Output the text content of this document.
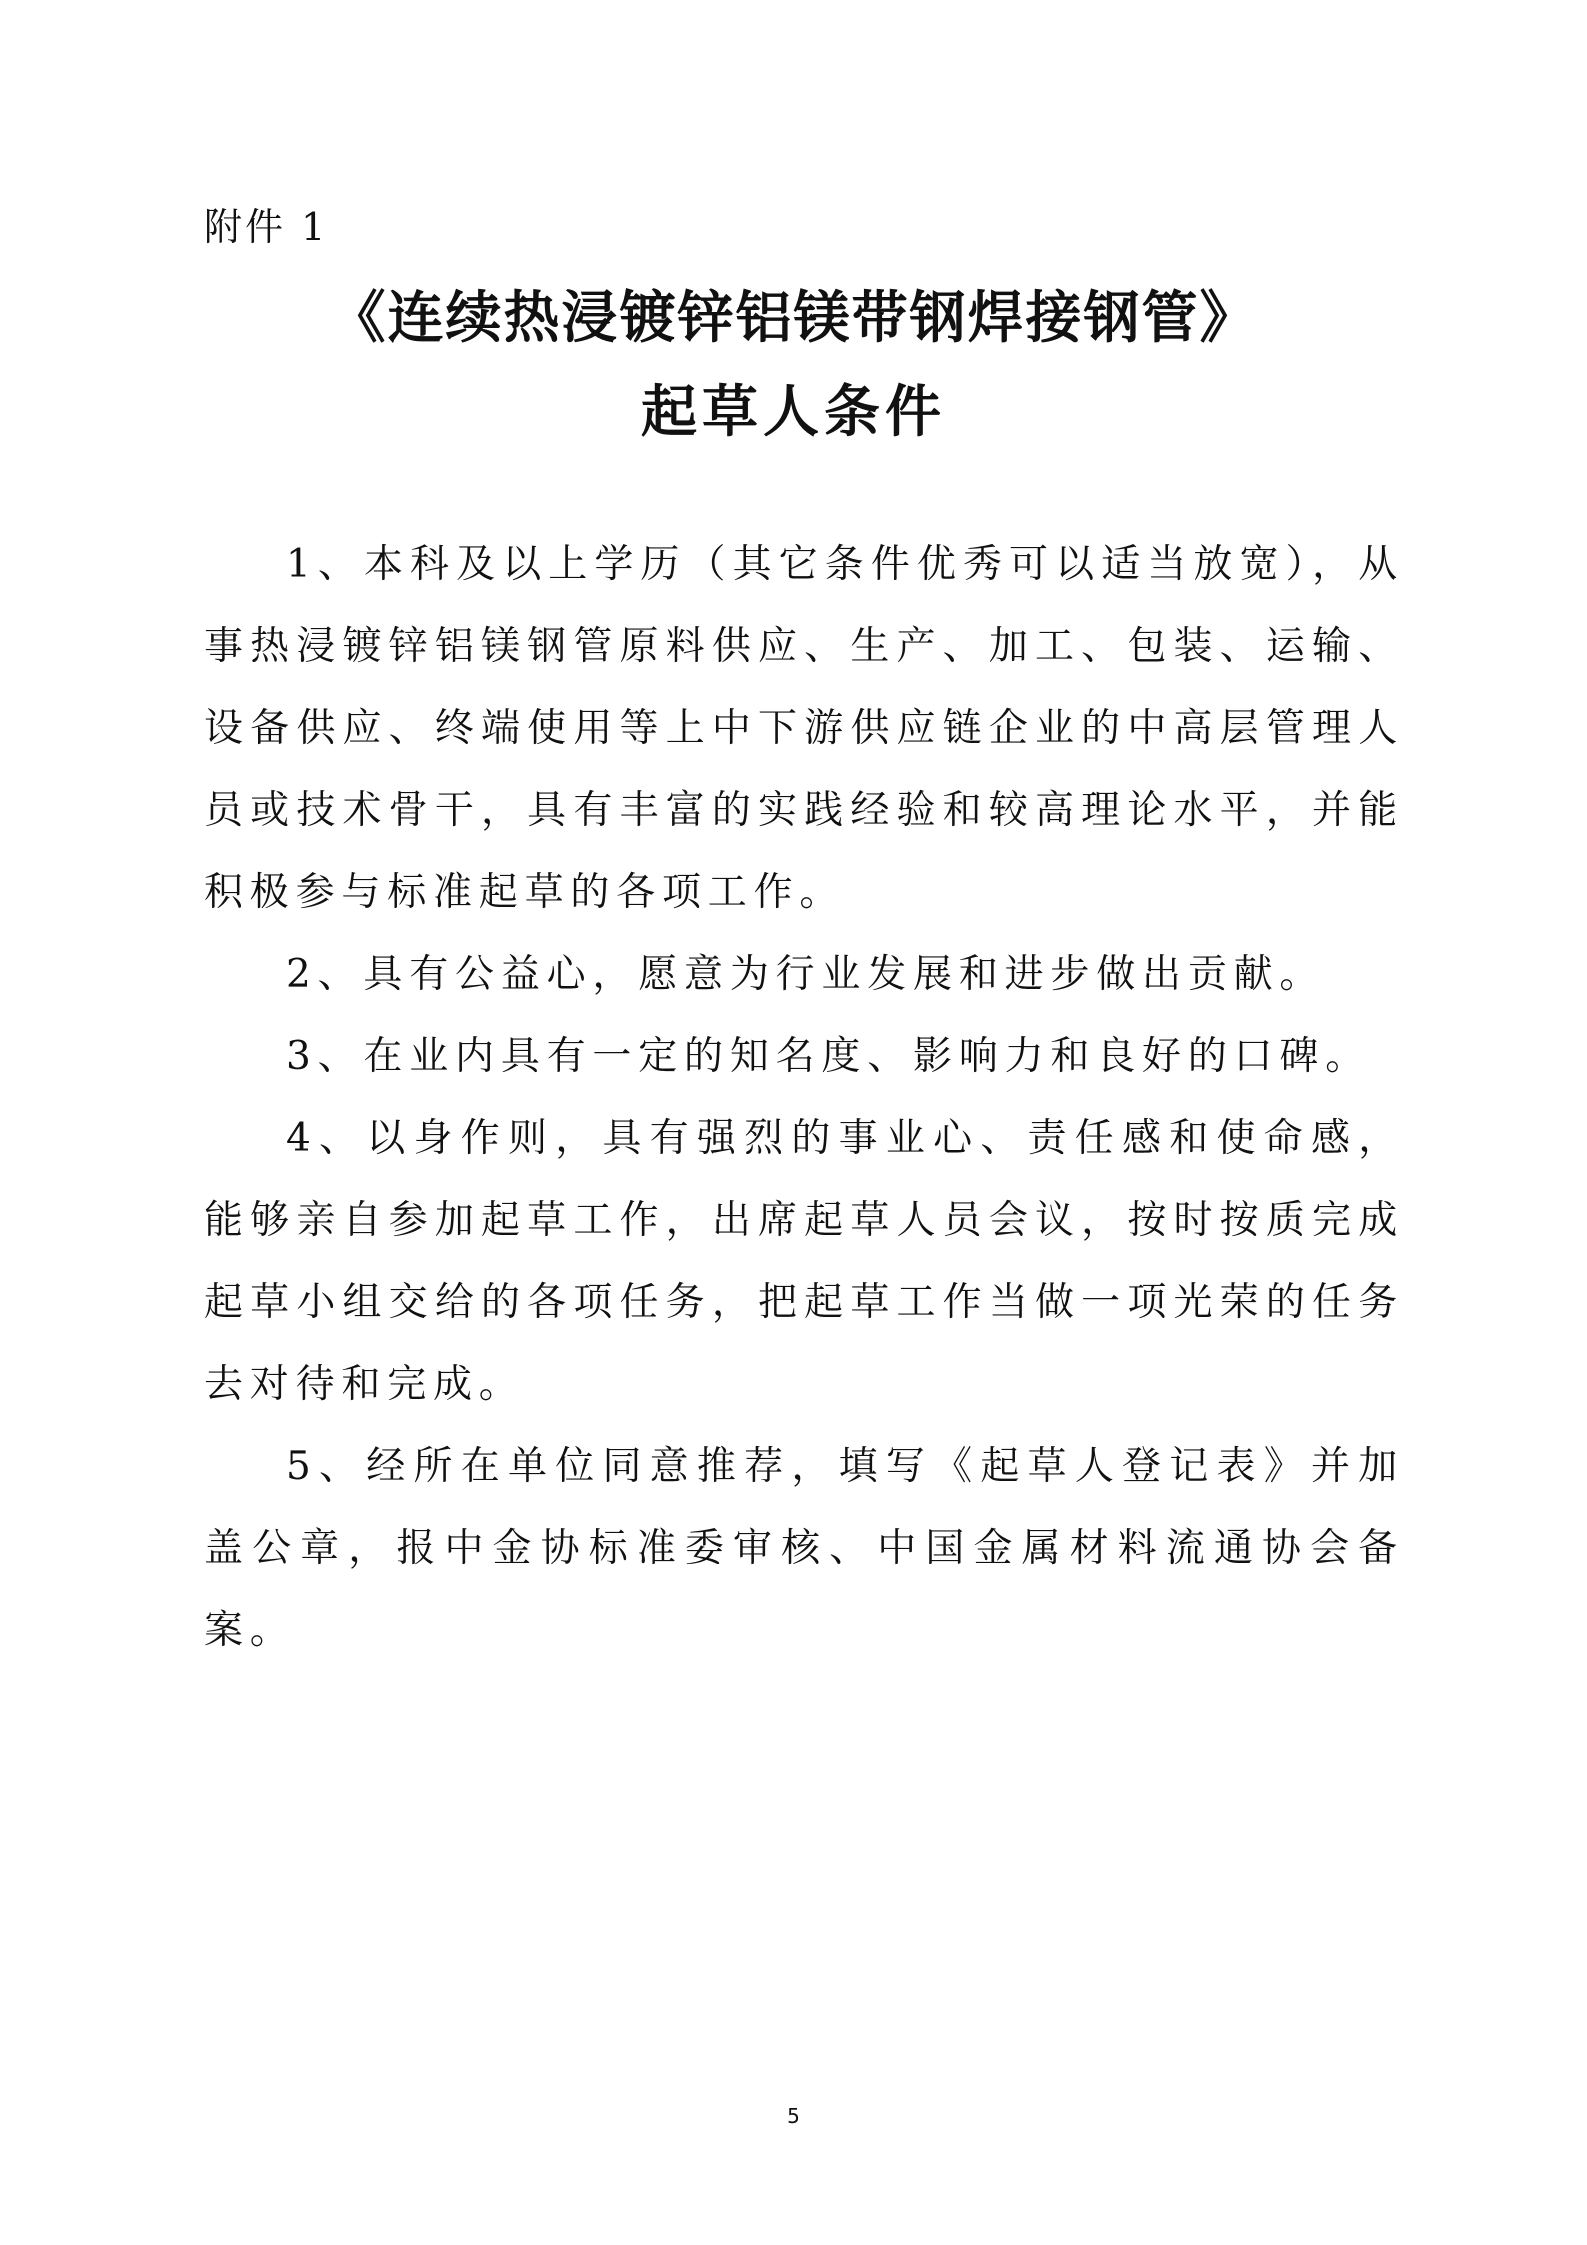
附件 1

《连续热浸镀锌铝镁带钢焊接钢管》
起草人条件

1、本科及以上学历（其它条件优秀可以适当放宽），从事热浸镀锌铝镁钢管原料供应、生产、加工、包装、运输、设备供应、终端使用等上中下游供应链企业的中高层管理人员或技术骨干，具有丰富的实践经验和较高理论水平，并能积极参与标准起草的各项工作。

2、具有公益心，愿意为行业发展和进步做出贡献。

3、在业内具有一定的知名度、影响力和良好的口碑。

4、以身作则，具有强烈的事业心、责任感和使命感，能够亲自参加起草工作，出席起草人员会议，按时按质完成起草小组交给的各项任务，把起草工作当做一项光荣的任务去对待和完成。

5、经所在单位同意推荐，填写《起草人登记表》并加盖公章，报中金协标准委审核、中国金属材料流通协会备案。

5
